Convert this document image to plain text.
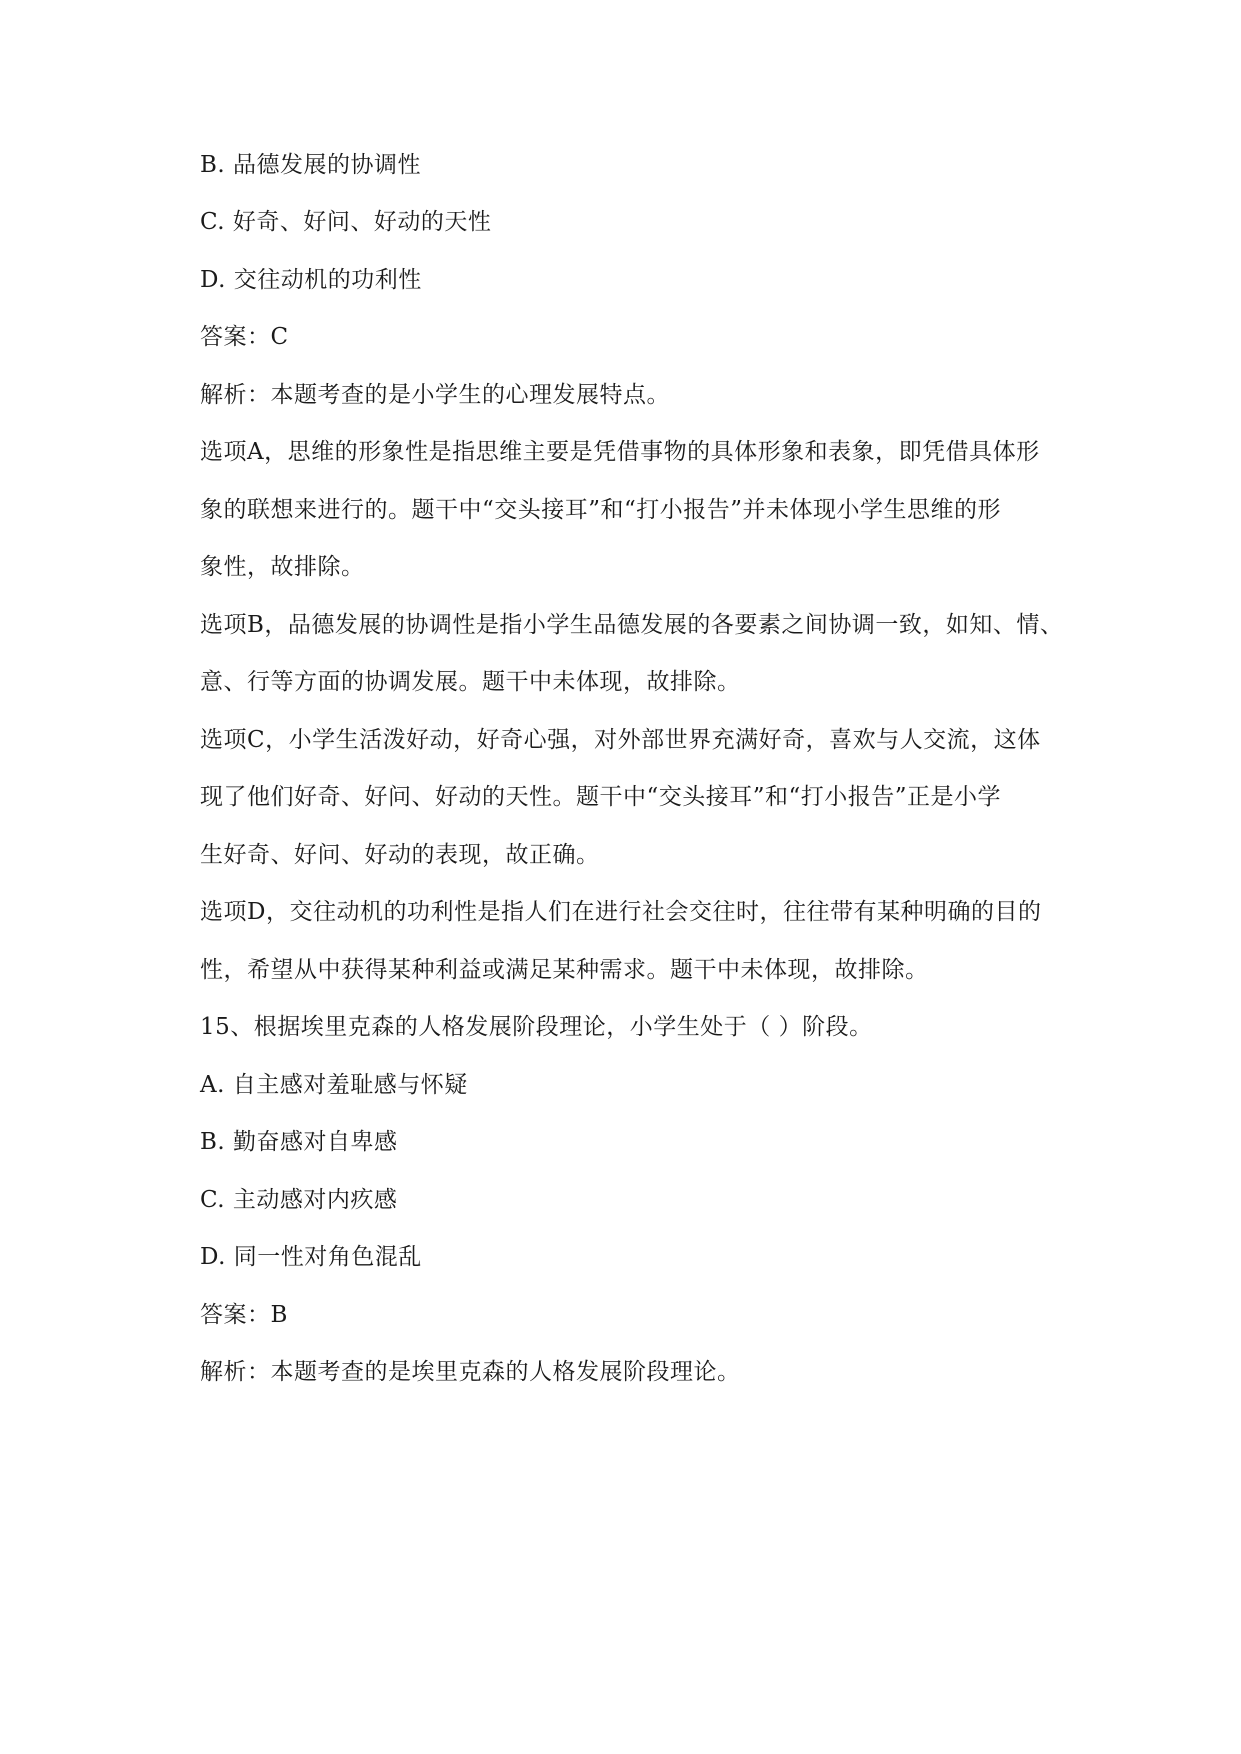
B. 品德发展的协调性
C. 好奇、好问、好动的天性
D. 交往动机的功利性
答案：C
解析：本题考查的是小学生的心理发展特点。
选项A，思维的形象性是指思维主要是凭借事物的具体形象和表象，即凭借具体形
象的联想来进行的。题干中“交头接耳”和“打小报告”并未体现小学生思维的形
象性，故排除。
选项B，品德发展的协调性是指小学生品德发展的各要素之间协调一致，如知、情、
意、行等方面的协调发展。题干中未体现，故排除。
选项C，小学生活泼好动，好奇心强，对外部世界充满好奇，喜欢与人交流，这体
现了他们好奇、好问、好动的天性。题干中“交头接耳”和“打小报告”正是小学
生好奇、好问、好动的表现，故正确。
选项D，交往动机的功利性是指人们在进行社会交往时，往往带有某种明确的目的
性，希望从中获得某种利益或满足某种需求。题干中未体现，故排除。
15、根据埃里克森的人格发展阶段理论，小学生处于（ ）阶段。
A. 自主感对羞耻感与怀疑
B. 勤奋感对自卑感
C. 主动感对内疚感
D. 同一性对角色混乱
答案：B
解析：本题考查的是埃里克森的人格发展阶段理论。
